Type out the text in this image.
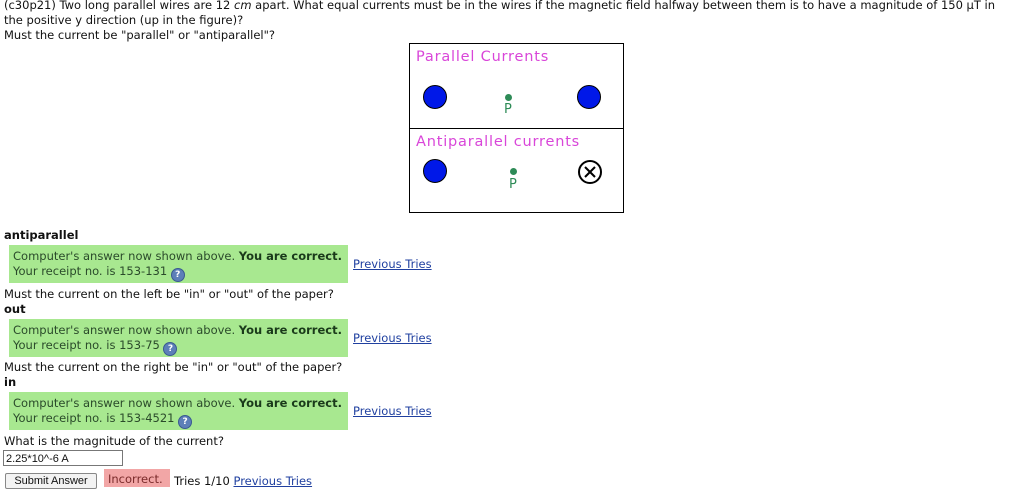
(c30p21) Two long parallel wires are 12 cm apart. What equal currents must be in the wires if the magnetic field halfway between them is to have a magnitude of 150 μT in
the positive y direction (up in the figure)?
Must the current be "parallel" or "antiparallel"?
Parallel Currents
P
Antiparallel currents
P
antiparallel
Computer's answer now shown above. You are correct.
Your receipt no. is 153-131 ?
Previous Tries
Must the current on the left be "in" or "out" of the paper?
out
Computer's answer now shown above. You are correct.
Your receipt no. is 153-75 ?
Previous Tries
Must the current on the right be "in" or "out" of the paper?
in
Computer's answer now shown above. You are correct.
Your receipt no. is 153-4521 ?
Previous Tries
What is the magnitude of the current?
2.25*10^-6 A
Submit Answer	Incorrect. Tries 1/10 Previous Tries
